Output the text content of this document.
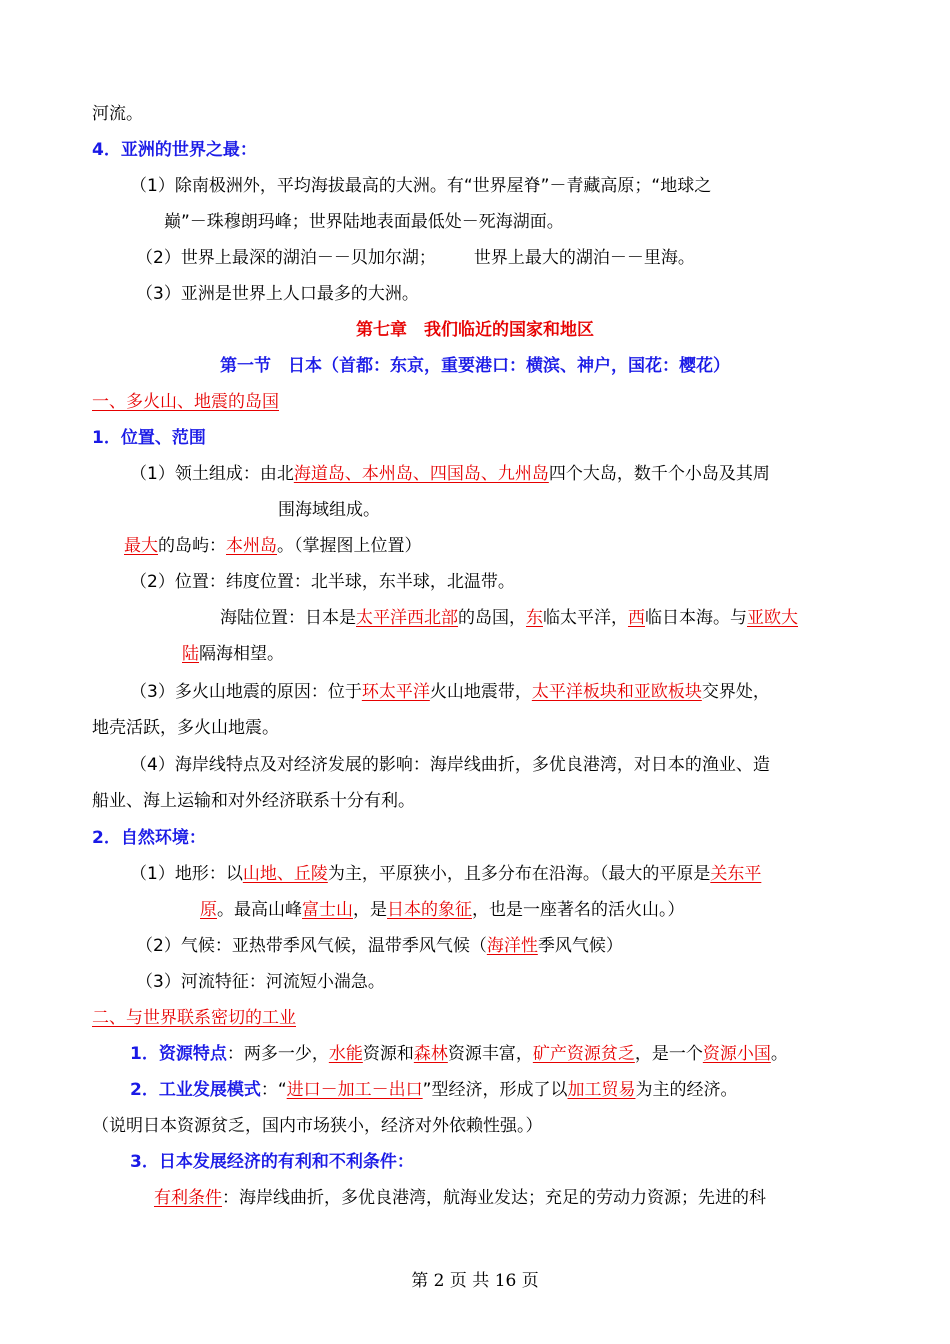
河流。
4．亚洲的世界之最：
（1）除南极洲外，平均海拔最高的大洲。有“世界屋脊”－青藏高原；“地球之
巅”－珠穆朗玛峰；世界陆地表面最低处－死海湖面。
（2）世界上最深的湖泊－－贝加尔湖； 世界上最大的湖泊－－里海。
（3）亚洲是世界上人口最多的大洲。
第七章　我们临近的国家和地区
第一节　日本（首都：东京，重要港口：横滨、神户，国花：樱花）
一、多火山、地震的岛国
1．位置、范围
（1）领土组成：由北海道岛、本州岛、四国岛、九州岛四个大岛，数千个小岛及其周
围海域组成。
最大的岛屿：本州岛。（掌握图上位置）
（2）位置：纬度位置：北半球，东半球，北温带。
海陆位置：日本是太平洋西北部的岛国，东临太平洋，西临日本海。与亚欧大
陆隔海相望。
（3）多火山地震的原因：位于环太平洋火山地震带，太平洋板块和亚欧板块交界处，
地壳活跃，多火山地震。
（4）海岸线特点及对经济发展的影响：海岸线曲折，多优良港湾，对日本的渔业、造
船业、海上运输和对外经济联系十分有利。
2．自然环境：
（1）地形：以山地、丘陵为主，平原狭小，且多分布在沿海。（最大的平原是关东平
原。最高山峰富士山，是日本的象征，也是一座著名的活火山。）
（2）气候：亚热带季风气候，温带季风气候（海洋性季风气候）
（3）河流特征：河流短小湍急。
二、与世界联系密切的工业
1．资源特点：两多一少，水能资源和森林资源丰富，矿产资源贫乏，是一个资源小国。
2．工业发展模式：“进口－加工－出口”型经济，形成了以加工贸易为主的经济。
（说明日本资源贫乏，国内市场狭小，经济对外依赖性强。）
3．日本发展经济的有利和不利条件：
有利条件：海岸线曲折，多优良港湾，航海业发达；充足的劳动力资源；先进的科
第 2 页 共 16 页
